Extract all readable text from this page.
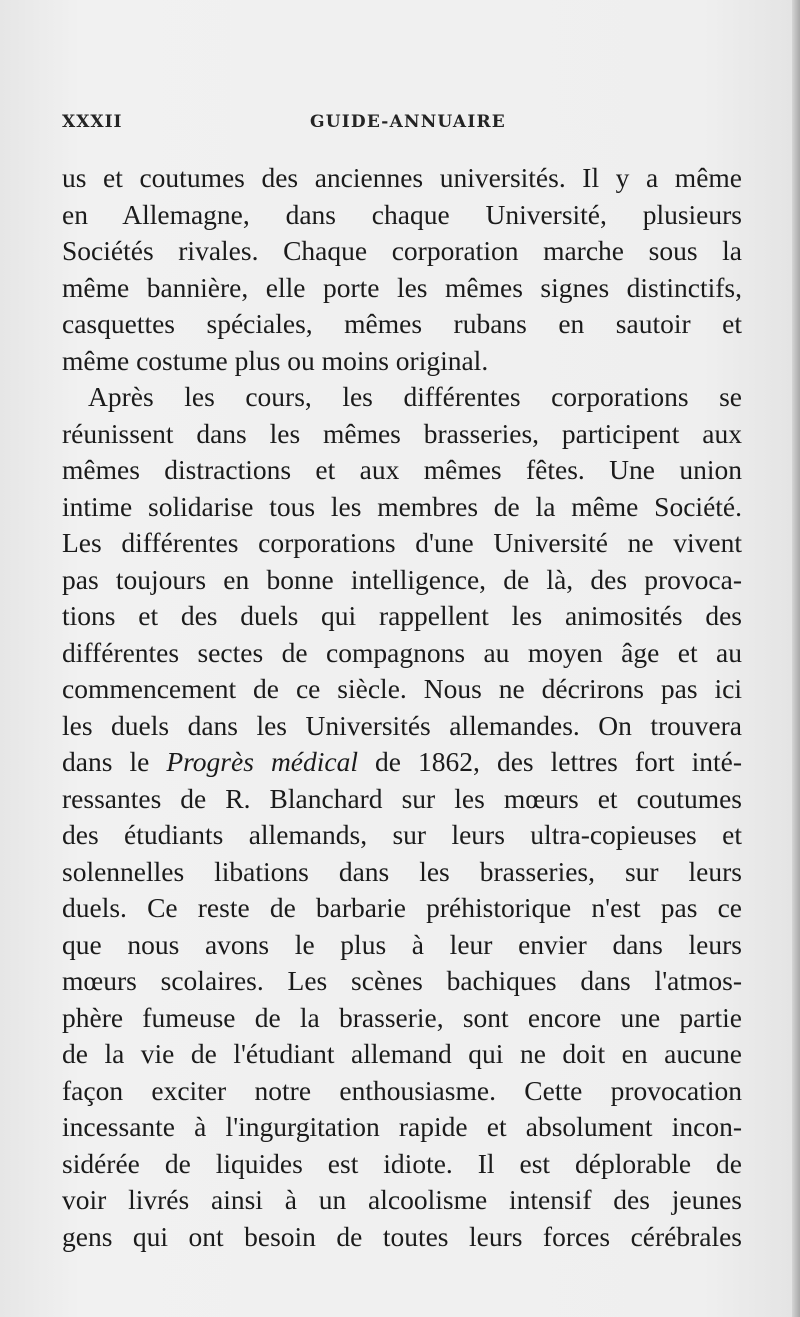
XXXII	GUIDE-ANNUAIRE
us et coutumes des anciennes universités. Il y a même
en Allemagne, dans chaque Université, plusieurs
Sociétés rivales. Chaque corporation marche sous la
même bannière, elle porte les mêmes signes distinctifs,
casquettes spéciales, mêmes rubans en sautoir et
même costume plus ou moins original.
Après les cours, les différentes corporations se
réunissent dans les mêmes brasseries, participent aux
mêmes distractions et aux mêmes fêtes. Une union
intime solidarise tous les membres de la même Société.
Les différentes corporations d'une Université ne vivent
pas toujours en bonne intelligence, de là, des provoca-
tions et des duels qui rappellent les animosités des
différentes sectes de compagnons au moyen âge et au
commencement de ce siècle. Nous ne décrirons pas ici
les duels dans les Universités allemandes. On trouvera
dans le Progrès médical de 1862, des lettres fort inté-
ressantes de R. Blanchard sur les mœurs et coutumes
des étudiants allemands, sur leurs ultra-copieuses et
solennelles libations dans les brasseries, sur leurs
duels. Ce reste de barbarie préhistorique n'est pas ce
que nous avons le plus à leur envier dans leurs
mœurs scolaires. Les scènes bachiques dans l'atmos-
phère fumeuse de la brasserie, sont encore une partie
de la vie de l'étudiant allemand qui ne doit en aucune
façon exciter notre enthousiasme. Cette provocation
incessante à l'ingurgitation rapide et absolument incon-
sidérée de liquides est idiote. Il est déplorable de
voir livrés ainsi à un alcoolisme intensif des jeunes
gens qui ont besoin de toutes leurs forces cérébrales
